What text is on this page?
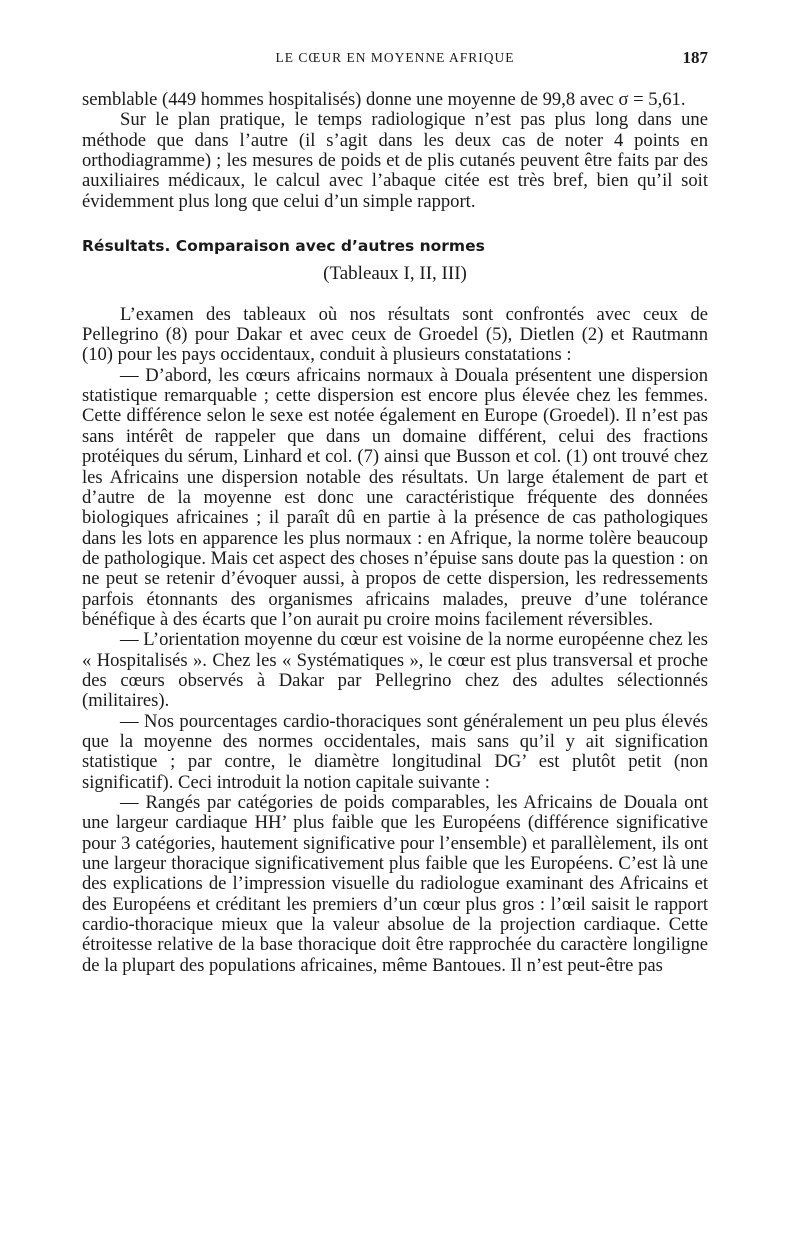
LE CŒUR EN MOYENNE AFRIQUE	187

semblable (449 hommes hospitalisés) donne une moyenne de 99,8 avec σ = 5,61.

Sur le plan pratique, le temps radiologique n’est pas plus long dans une méthode que dans l’autre (il s’agit dans les deux cas de noter 4 points en orthodiagramme) ; les mesures de poids et de plis cutanés peuvent être faits par des auxiliaires médicaux, le calcul avec l’abaque citée est très bref, bien qu’il soit évidemment plus long que celui d’un simple rapport.

Résultats. Comparaison avec d’autres normes
(Tableaux I, II, III)

L’examen des tableaux où nos résultats sont confrontés avec ceux de Pellegrino (8) pour Dakar et avec ceux de Groedel (5), Dietlen (2) et Rautmann (10) pour les pays occidentaux, conduit à plusieurs constatations :

— D’abord, les cœurs africains normaux à Douala présentent une dispersion statistique remarquable ; cette dispersion est encore plus élevée chez les femmes. Cette différence selon le sexe est notée également en Europe (Groedel). Il n’est pas sans intérêt de rappeler que dans un domaine différent, celui des fractions protéiques du sérum, Linhard et col. (7) ainsi que Busson et col. (1) ont trouvé chez les Africains une dispersion notable des résultats. Un large étalement de part et d’autre de la moyenne est donc une caractéristique fréquente des données biologiques africaines ; il paraît dû en partie à la présence de cas pathologiques dans les lots en apparence les plus normaux : en Afrique, la norme tolère beaucoup de pathologique. Mais cet aspect des choses n’épuise sans doute pas la question : on ne peut se retenir d’évoquer aussi, à propos de cette dispersion, les redressements parfois étonnants des organismes africains malades, preuve d’une tolérance bénéfique à des écarts que l’on aurait pu croire moins facilement réversibles.

— L’orientation moyenne du cœur est voisine de la norme européenne chez les « Hospitalisés ». Chez les « Systématiques », le cœur est plus transversal et proche des cœurs observés à Dakar par Pellegrino chez des adultes sélectionnés (militaires).

— Nos pourcentages cardio-thoraciques sont généralement un peu plus élevés que la moyenne des normes occidentales, mais sans qu’il y ait signification statistique ; par contre, le diamètre longitudinal DG’ est plutôt petit (non significatif). Ceci introduit la notion capitale suivante :

— Rangés par catégories de poids comparables, les Africains de Douala ont une largeur cardiaque HH’ plus faible que les Européens (différence significative pour 3 catégories, hautement significative pour l’ensemble) et parallèlement, ils ont une largeur thoracique significativement plus faible que les Européens. C’est là une des explications de l’impression visuelle du radiologue examinant des Africains et des Européens et créditant les premiers d’un cœur plus gros : l’œil saisit le rapport cardio-thoracique mieux que la valeur absolue de la projection cardiaque. Cette étroitesse relative de la base thoracique doit être rapprochée du caractère longiligne de la plupart des populations africaines, même Bantoues. Il n’est peut-être pas
